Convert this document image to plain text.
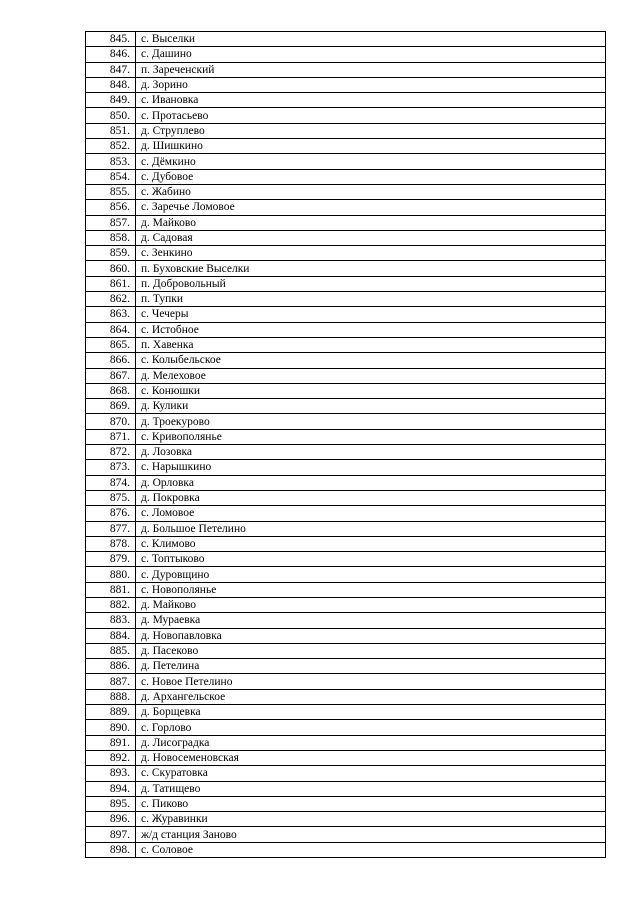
845.	с. Выселки
846.	с. Дашино
847.	п. Зареченский
848.	д. Зорино
849.	с. Ивановка
850.	с. Протасьево
851.	д. Струплево
852.	д. Шишкино
853.	с. Дёмкино
854.	с. Дубовое
855.	с. Жабино
856.	с. Заречье Ломовое
857.	д. Майково
858.	д. Садовая
859.	с. Зенкино
860.	п. Буховские Выселки
861.	п. Добровольный
862.	п. Тупки
863.	с. Чечеры
864.	с. Истобное
865.	п. Хавенка
866.	с. Колыбельское
867.	д. Мелеховое
868.	с. Конюшки
869.	д. Кулики
870.	д. Троекурово
871.	с. Кривополянье
872.	д. Лозовка
873.	с. Нарышкино
874.	д. Орловка
875.	д. Покровка
876.	с. Ломовое
877.	д. Большое Петелино
878.	с. Климово
879.	с. Топтыково
880.	с. Дуровщино
881.	с. Новополянье
882.	д. Майково
883.	д. Мураевка
884.	д. Новопавловка
885.	д. Пасеково
886.	д. Петелина
887.	с. Новое Петелино
888.	д. Архангельское
889.	д. Борщевка
890.	с. Горлово
891.	д. Лисоградка
892.	д. Новосеменовская
893.	с. Скуратовка
894.	д. Татищево
895.	с. Пиково
896.	с. Журавинки
897.	ж/д станция Заново
898.	с. Соловое
